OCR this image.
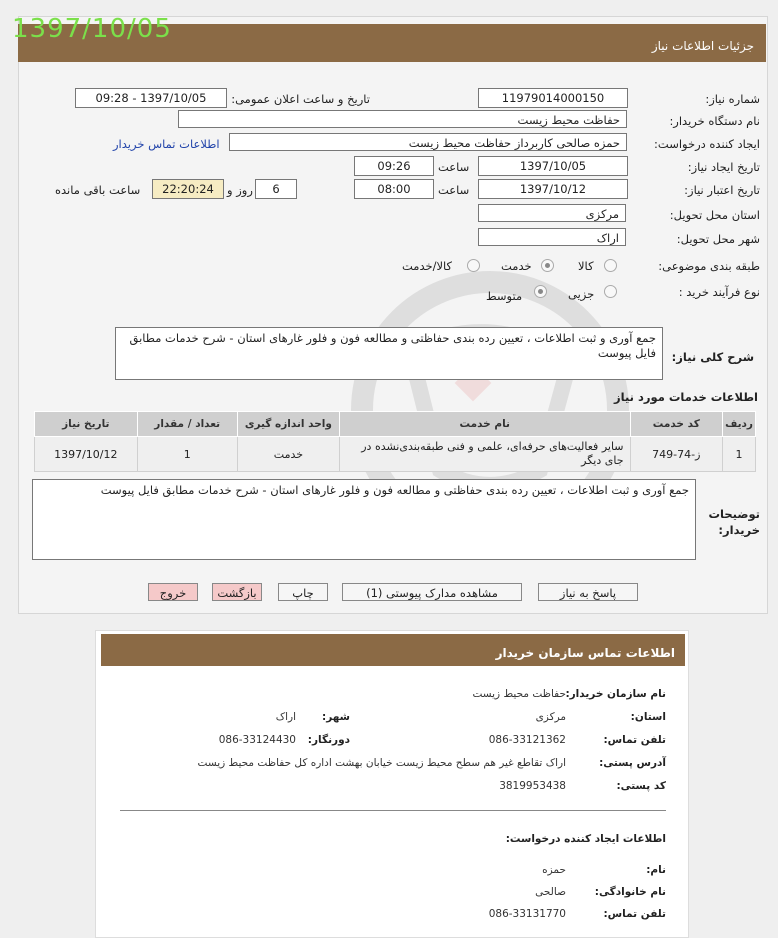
جزئیات اطلاعات نیاز
1397/10/05
شماره نیاز:
1197901400015​0
تاریخ و ساعت اعلان عمومی:
1397/10/05 - 09:28
نام دستگاه خریدار:
حفاظت محیط زیست
ایجاد کننده درخواست:
حمزه صالحی کاربرداز حفاظت محیط زیست
اطلاعات تماس خریدار
تاریخ ایجاد نیاز:
1397/10/05
ساعت
09:26
تاریخ اعتبار نیاز:
1397/10/12
ساعت
08:00
6
روز و
22:20:24
ساعت باقی مانده
استان محل تحویل:
مرکزی
شهر محل تحویل:
اراک
طبقه بندی موضوعی:
کالا
خدمت
کالا/خدمت
نوع فرآیند خرید :
جزیی
متوسط
شرح کلی نیاز:
جمع آوری و ثبت اطلاعات ، تعیین رده بندی حفاظتی و مطالعه فون و فلور غارهای استان - شرح خدمات مطابق فایل پیوست
اطلاعات خدمات مورد نیاز
ردیف	کد خدمت	نام خدمت	واحد اندازه گیری	تعداد / مقدار	تاریخ نیاز
1	ز-74-749	سایر فعالیت‌های حرفه‌ای، علمی و فنی طبقه‌بندی‌نشده در جای دیگر	خدمت	1	1397/10/12
توضیحات خریدار:
جمع آوری و ثبت اطلاعات ، تعیین رده بندی حفاظتی و مطالعه فون و فلور غارهای استان - شرح خدمات مطابق فایل پیوست
پاسخ به نیاز
مشاهده مدارک پیوستی (1)
چاپ
بازگشت
خروج
اطلاعات تماس سازمان خریدار
نام سازمان خریدار:
حفاظت محیط زیست
استان:
مرکزی
شهر:
اراک
تلفن تماس:
086-33121362
دورنگار:
086-33124430
آدرس پستی:
اراک تقاطع غیر هم سطح محیط زیست خیابان بهشت اداره کل حفاظت محیط زیست
کد پستی:
3819953438
اطلاعات ایجاد کننده درخواست:
نام:
حمزه
نام خانوادگی:
صالحی
تلفن تماس:
086-33131770
